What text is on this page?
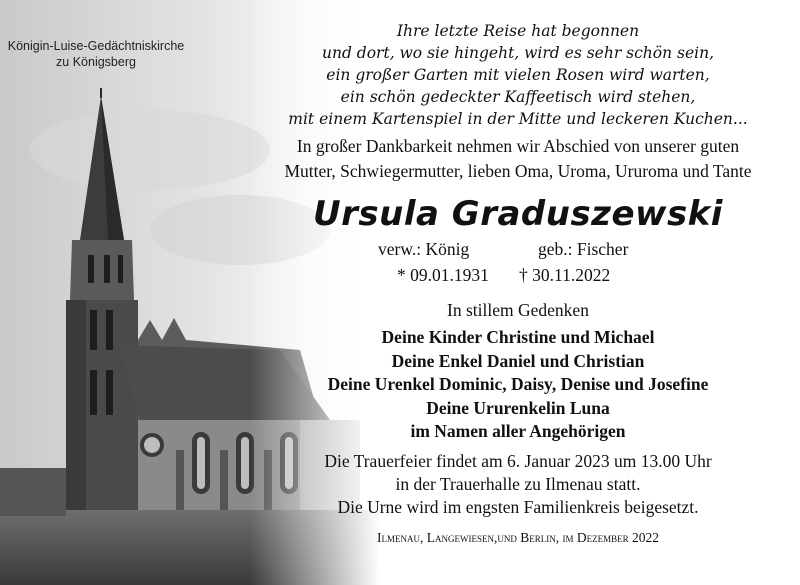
Königin-Luise-Gedächtniskirche
zu Königsberg
Ihre letzte Reise hat begonnen
und dort, wo sie hingeht, wird es sehr schön sein,
ein großer Garten mit vielen Rosen wird warten,
ein schön gedeckter Kaffeetisch wird stehen,
mit einem Kartenspiel in der Mitte und leckeren Kuchen...
In großer Dankbarkeit nehmen wir Abschied von unserer guten
Mutter, Schwiegermutter, lieben Oma, Uroma, Ururoma und Tante
Ursula Graduszewski
verw.: König	geb.: Fischer
* 09.01.1931	† 30.11.2022
In stillem Gedenken
Deine Kinder Christine und Michael
Deine Enkel Daniel und Christian
Deine Urenkel Dominic, Daisy, Denise und Josefine
Deine Ururenkelin Luna
im Namen aller Angehörigen
Die Trauerfeier findet am 6. Januar 2023 um 13.00 Uhr
in der Trauerhalle zu Ilmenau statt.
Die Urne wird im engsten Familienkreis beigesetzt.
Ilmenau, Langewiesen,und Berlin, im Dezember 2022
